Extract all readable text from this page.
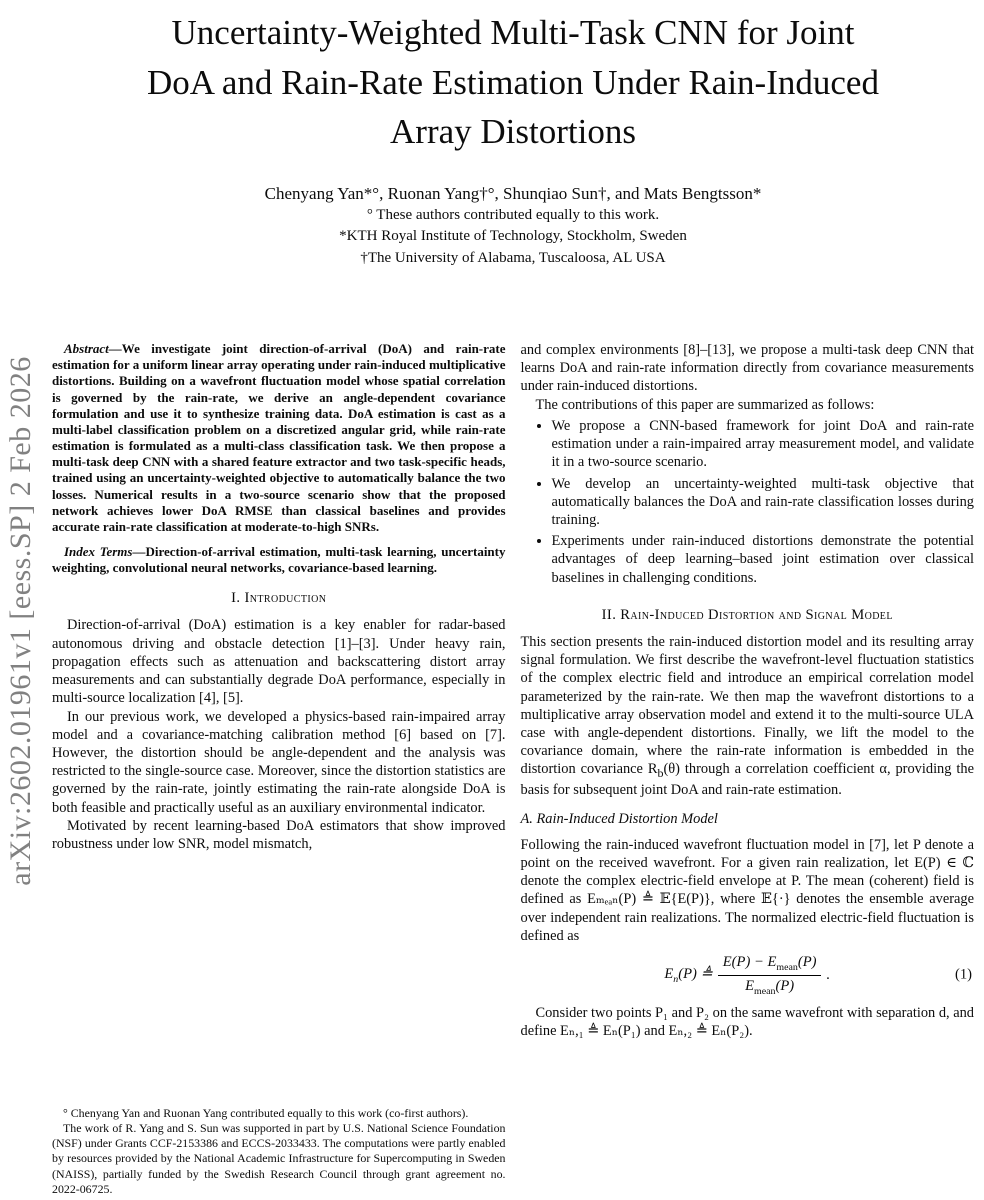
arXiv:2602.01961v1 [eess.SP] 2 Feb 2026
Uncertainty-Weighted Multi-Task CNN for Joint
DoA and Rain-Rate Estimation Under Rain-Induced
Array Distortions
Chenyang Yan*°, Ruonan Yang†°, Shunqiao Sun†, and Mats Bengtsson*
° These authors contributed equally to this work.
*KTH Royal Institute of Technology, Stockholm, Sweden
†The University of Alabama, Tuscaloosa, AL USA

Abstract—We investigate joint direction-of-arrival (DoA) and rain-rate estimation for a uniform linear array operating under rain-induced multiplicative distortions. Building on a wavefront fluctuation model whose spatial correlation is governed by the rain-rate, we derive an angle-dependent covariance formulation and use it to synthesize training data. DoA estimation is cast as a multi-label classification problem on a discretized angular grid, while rain-rate estimation is formulated as a multi-class classification task. We then propose a multi-task deep CNN with a shared feature extractor and two task-specific heads, trained using an uncertainty-weighted objective to automatically balance the two losses. Numerical results in a two-source scenario show that the proposed network achieves lower DoA RMSE than classical baselines and provides accurate rain-rate classification at moderate-to-high SNRs.

Index Terms—Direction-of-arrival estimation, multi-task learning, uncertainty weighting, convolutional neural networks, covariance-based learning.

I. Introduction

Direction-of-arrival (DoA) estimation is a key enabler for radar-based autonomous driving and obstacle detection [1]–[3]. Under heavy rain, propagation effects such as attenuation and backscattering distort array measurements and can substantially degrade DoA performance, especially in multi-source localization [4], [5].

In our previous work, we developed a physics-based rain-impaired array model and a covariance-matching calibration method [6] based on [7]. However, the distortion should be angle-dependent and the analysis was restricted to the single-source case. Moreover, since the distortion statistics are governed by the rain-rate, jointly estimating the rain-rate alongside DoA is both feasible and practically useful as an auxiliary environmental indicator.

Motivated by recent learning-based DoA estimators that show improved robustness under low SNR, model mismatch,

° Chenyang Yan and Ruonan Yang contributed equally to this work (co-first authors).

The work of R. Yang and S. Sun was supported in part by U.S. National Science Foundation (NSF) under Grants CCF-2153386 and ECCS-2033433. The computations were partly enabled by resources provided by the National Academic Infrastructure for Supercomputing in Sweden (NAISS), partially funded by the Swedish Research Council through grant agreement no. 2022-06725.

and complex environments [8]–[13], we propose a multi-task deep CNN that learns DoA and rain-rate information directly from covariance measurements under rain-induced distortions.

The contributions of this paper are summarized as follows:

• We propose a CNN-based framework for joint DoA and rain-rate estimation under a rain-impaired array measurement model, and validate it in a two-source scenario.
• We develop an uncertainty-weighted multi-task objective that automatically balances the DoA and rain-rate classification losses during training.
• Experiments under rain-induced distortions demonstrate the potential advantages of deep learning–based joint estimation over classical baselines in challenging conditions.
II. Rain-Induced Distortion and Signal Model

This section presents the rain-induced distortion model and its resulting array signal formulation. We first describe the wavefront-level fluctuation statistics of the complex electric field and introduce an empirical correlation model parameterized by the rain-rate. We then map the wavefront distortions to a multiplicative array observation model and extend it to the multi-source ULA case with angle-dependent distortions. Finally, we lift the model to the covariance domain, where the rain-rate information is embedded in the distortion covariance $R_b(\theta)$ through a correlation coefficient α, providing the basis for subsequent joint DoA and rain-rate estimation.

A. Rain-Induced Distortion Model

Following the rain-induced wavefront fluctuation model in [7], let P denote a point on the received wavefront. For a given rain realization, let E(P) ∈ ℂ denote the complex electric-field envelope at P. The mean (coherent) field is defined as Eₘₑₐₙ(P) ≜ 𝔼{E(P)}, where 𝔼{·} denotes the ensemble average over independent rain realizations. The normalized electric-field fluctuation is defined as

$E_n(P)$ ≜ $\frac{E(P) - E_{mean}(P)}{E_{mean}(P)}$ .	(1)

Consider two points P₁ and P₂ on the same wavefront with separation d, and define Eₙ,₁ ≜ Eₙ(P₁) and Eₙ,₂ ≜ Eₙ(P₂).
